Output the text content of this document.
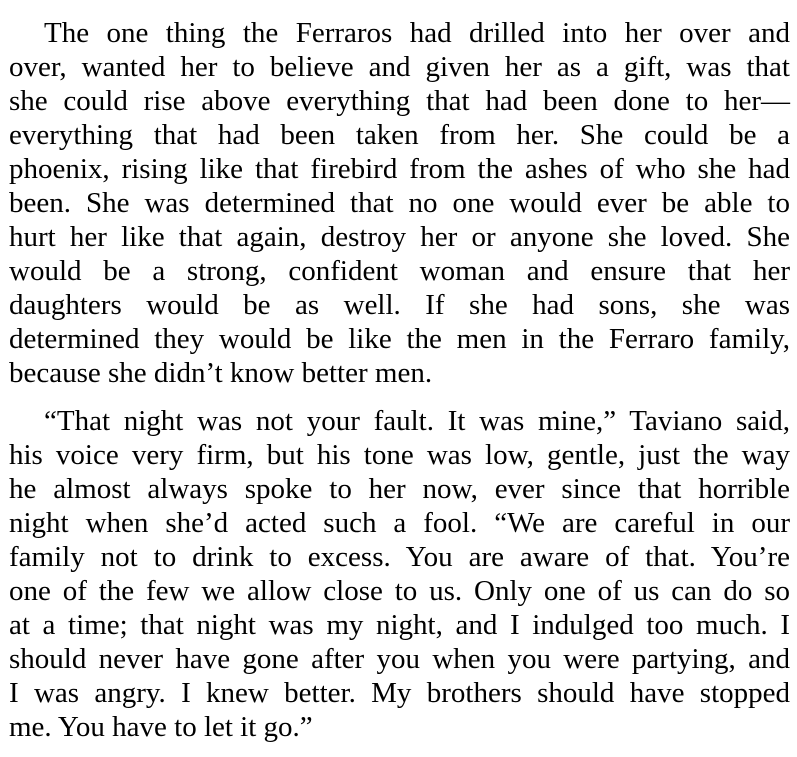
The one thing the Ferraros had drilled into her over and
over, wanted her to believe and given her as a gift, was that
she could rise above everything that had been done to her—
everything that had been taken from her. She could be a
phoenix, rising like that firebird from the ashes of who she had
been. She was determined that no one would ever be able to
hurt her like that again, destroy her or anyone she loved. She
would be a strong, confident woman and ensure that her
daughters would be as well. If she had sons, she was
determined they would be like the men in the Ferraro family,
because she didn’t know better men.
“That night was not your fault. It was mine,” Taviano said,
his voice very firm, but his tone was low, gentle, just the way
he almost always spoke to her now, ever since that horrible
night when she’d acted such a fool. “We are careful in our
family not to drink to excess. You are aware of that. You’re
one of the few we allow close to us. Only one of us can do so
at a time; that night was my night, and I indulged too much. I
should never have gone after you when you were partying, and
I was angry. I knew better. My brothers should have stopped
me. You have to let it go.”
